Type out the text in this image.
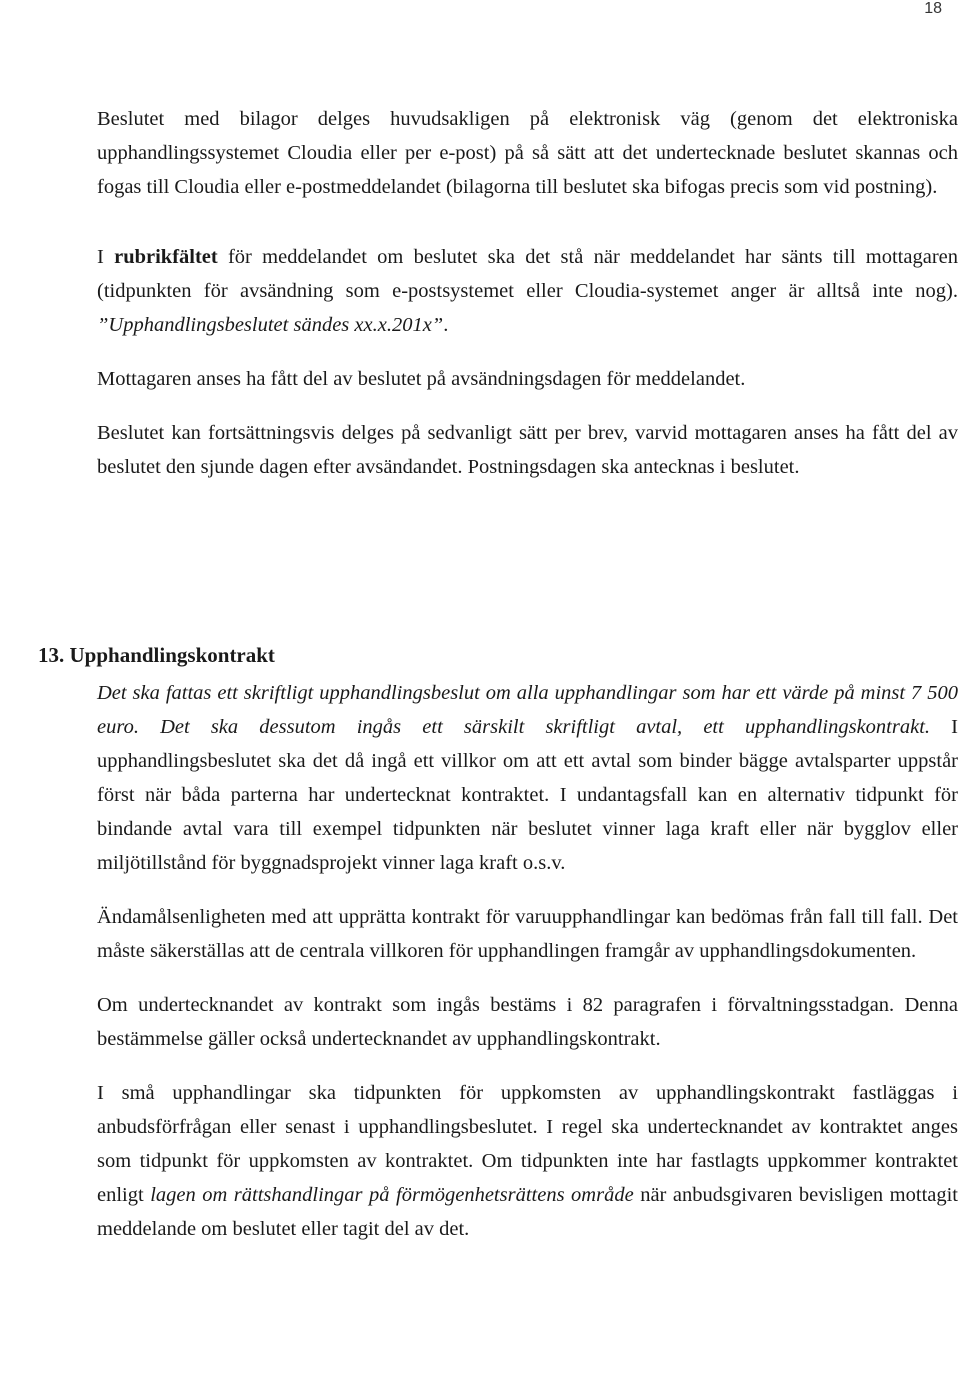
18

Beslutet med bilagor delges huvudsakligen på elektronisk väg (genom det elektroniska upphandlingssystemet Cloudia eller per e-post) på så sätt att det undertecknade beslutet skannas och fogas till Cloudia eller e-postmeddelandet (bilagorna till beslutet ska bifogas precis som vid postning).

I rubrikfältet för meddelandet om beslutet ska det stå när meddelandet har sänts till mottagaren (tidpunkten för avsändning som e-postsystemet eller Cloudia-systemet anger är alltså inte nog). ”Upphandlingsbeslutet sändes xx.x.201x”.

Mottagaren anses ha fått del av beslutet på avsändningsdagen för meddelandet.

Beslutet kan fortsättningsvis delges på sedvanligt sätt per brev, varvid mottagaren anses ha fått del av beslutet den sjunde dagen efter avsändandet. Postningsdagen ska antecknas i beslutet.

13. Upphandlingskontrakt

Det ska fattas ett skriftligt upphandlingsbeslut om alla upphandlingar som har ett värde på minst 7 500 euro. Det ska dessutom ingås ett särskilt skriftligt avtal, ett upphandlingskontrakt. I upphandlingsbeslutet ska det då ingå ett villkor om att ett avtal som binder bägge avtalsparter uppstår först när båda parterna har undertecknat kontraktet. I undantagsfall kan en alternativ tidpunkt för bindande avtal vara till exempel tidpunkten när beslutet vinner laga kraft eller när bygglov eller miljötillstånd för byggnadsprojekt vinner laga kraft o.s.v.

Ändamålsenligheten med att upprätta kontrakt för varuupphandlingar kan bedömas från fall till fall. Det måste säkerställas att de centrala villkoren för upphandlingen framgår av upphandlingsdokumenten.

Om undertecknandet av kontrakt som ingås bestäms i 82 paragrafen i förvaltningsstadgan. Denna bestämmelse gäller också undertecknandet av upphandlingskontrakt.

I små upphandlingar ska tidpunkten för uppkomsten av upphandlingskontrakt fastläggas i anbudsförfrågan eller senast i upphandlingsbeslutet. I regel ska undertecknandet av kontraktet anges som tidpunkt för uppkomsten av kontraktet. Om tidpunkten inte har fastlagts uppkommer kontraktet enligt lagen om rättshandlingar på förmögenhetsrättens område när anbudsgivaren bevisligen mottagit meddelande om beslutet eller tagit del av det.
